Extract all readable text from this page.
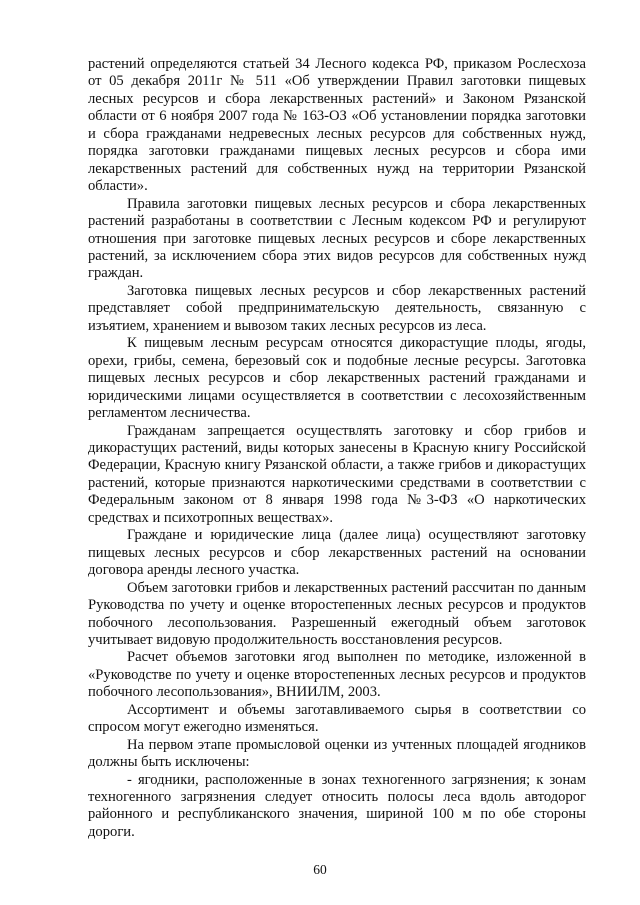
растений определяются статьей 34 Лесного кодекса РФ, приказом Рослесхоза от 05 декабря 2011г № 511 «Об утверждении Правил заготовки пищевых лесных ресурсов и сбора лекарственных растений» и Законом Рязанской области от 6 ноября 2007 года № 163-ОЗ «Об установлении порядка заготовки и сбора гражданами недревесных лесных ресурсов для собственных нужд, порядка заготовки гражданами пищевых лесных ресурсов и сбора ими лекарственных растений для собственных нужд на территории Рязанской области».

Правила заготовки пищевых лесных ресурсов и сбора лекарственных растений разработаны в соответствии с Лесным кодексом РФ и регулируют отношения при заготовке пищевых лесных ресурсов и сборе лекарственных растений, за исключением сбора этих видов ресурсов для собственных нужд граждан.

Заготовка пищевых лесных ресурсов и сбор лекарственных растений представляет собой предпринимательскую деятельность, связанную с изъятием, хранением и вывозом таких лесных ресурсов из леса.

К пищевым лесным ресурсам относятся дикорастущие плоды, ягоды, орехи, грибы, семена, березовый сок и подобные лесные ресурсы. Заготовка пищевых лесных ресурсов и сбор лекарственных растений гражданами и юридическими лицами осуществляется в соответствии с лесохозяйственным регламентом лесничества.

Гражданам запрещается осуществлять заготовку и сбор грибов и дикорастущих растений, виды которых занесены в Красную книгу Российской Федерации, Красную книгу Рязанской области, а также грибов и дикорастущих растений, которые признаются наркотическими средствами в соответствии с Федеральным законом от 8 января 1998 года №3-ФЗ «О наркотических средствах и психотропных веществах».

Граждане и юридические лица (далее лица) осуществляют заготовку пищевых лесных ресурсов и сбор лекарственных растений на основании договора аренды лесного участка.

Объем заготовки грибов и лекарственных растений рассчитан по данным Руководства по учету и оценке второстепенных лесных ресурсов и продуктов побочного лесопользования. Разрешенный ежегодный объем заготовок учитывает видовую продолжительность восстановления ресурсов.

Расчет объемов заготовки ягод выполнен по методике, изложенной в «Руководстве по учету и оценке второстепенных лесных ресурсов и продуктов побочного лесопользования», ВНИИЛМ, 2003.

Ассортимент и объемы заготавливаемого сырья в соответствии со спросом могут ежегодно изменяться.

На первом этапе промысловой оценки из учтенных площадей ягодников должны быть исключены:

- ягодники, расположенные в зонах техногенного загрязнения; к зонам техногенного загрязнения следует относить полосы леса вдоль автодорог районного и республиканского значения, шириной 100 м по обе стороны дороги.

60
